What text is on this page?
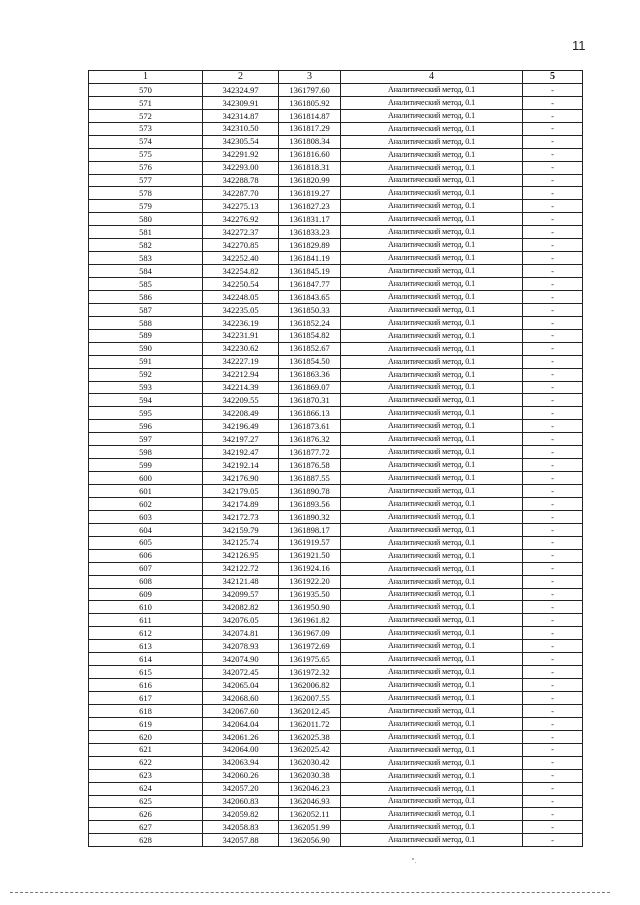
11
1	2	3	4	5
570	342324.97	1361797.60	Аналитический метод, 0.1	-
571	342309.91	1361805.92	Аналитический метод, 0.1	-
572	342314.87	1361814.87	Аналитический метод, 0.1	-
573	342310.50	1361817.29	Аналитический метод, 0.1	-
574	342305.54	1361808.34	Аналитический метод, 0.1	-
575	342291.92	1361816.60	Аналитический метод, 0.1	-
576	342293.00	1361818.31	Аналитический метод, 0.1	-
577	342288.78	1361820.99	Аналитический метод, 0.1	-
578	342287.70	1361819.27	Аналитический метод, 0.1	-
579	342275.13	1361827.23	Аналитический метод, 0.1	-
580	342276.92	1361831.17	Аналитический метод, 0.1	-
581	342272.37	1361833.23	Аналитический метод, 0.1	-
582	342270.85	1361829.89	Аналитический метод, 0.1	-
583	342252.40	1361841.19	Аналитический метод, 0.1	-
584	342254.82	1361845.19	Аналитический метод, 0.1	-
585	342250.54	1361847.77	Аналитический метод, 0.1	-
586	342248.05	1361843.65	Аналитический метод, 0.1	-
587	342235.05	1361850.33	Аналитический метод, 0.1	-
588	342236.19	1361852.24	Аналитический метод, 0.1	-
589	342231.91	1361854.82	Аналитический метод, 0.1	-
590	342230.62	1361852.67	Аналитический метод, 0.1	-
591	342227.19	1361854.50	Аналитический метод, 0.1	-
592	342212.94	1361863.36	Аналитический метод, 0.1	-
593	342214.39	1361869.07	Аналитический метод, 0.1	-
594	342209.55	1361870.31	Аналитический метод, 0.1	-
595	342208.49	1361866.13	Аналитический метод, 0.1	-
596	342196.49	1361873.61	Аналитический метод, 0.1	-
597	342197.27	1361876.32	Аналитический метод, 0.1	-
598	342192.47	1361877.72	Аналитический метод, 0.1	-
599	342192.14	1361876.58	Аналитический метод, 0.1	-
600	342176.90	1361887.55	Аналитический метод, 0.1	-
601	342179.05	1361890.78	Аналитический метод, 0.1	-
602	342174.89	1361893.56	Аналитический метод, 0.1	-
603	342172.73	1361890.32	Аналитический метод, 0.1	-
604	342159.79	1361898.17	Аналитический метод, 0.1	-
605	342125.74	1361919.57	Аналитический метод, 0.1	-
606	342126.95	1361921.50	Аналитический метод, 0.1	-
607	342122.72	1361924.16	Аналитический метод, 0.1	-
608	342121.48	1361922.20	Аналитический метод, 0.1	-
609	342099.57	1361935.50	Аналитический метод, 0.1	-
610	342082.82	1361950.90	Аналитический метод, 0.1	-
611	342076.05	1361961.82	Аналитический метод, 0.1	-
612	342074.81	1361967.09	Аналитический метод, 0.1	-
613	342078.93	1361972.69	Аналитический метод, 0.1	-
614	342074.90	1361975.65	Аналитический метод, 0.1	-
615	342072.45	1361972.32	Аналитический метод, 0.1	-
616	342065.04	1362006.82	Аналитический метод, 0.1	-
617	342068.60	1362007.55	Аналитический метод, 0.1	-
618	342067.60	1362012.45	Аналитический метод, 0.1	-
619	342064.04	1362011.72	Аналитический метод, 0.1	-
620	342061.26	1362025.38	Аналитический метод, 0.1	-
621	342064.00	1362025.42	Аналитический метод, 0.1	-
622	342063.94	1362030.42	Аналитический метод, 0.1	-
623	342060.26	1362030.38	Аналитический метод, 0.1	-
624	342057.20	1362046.23	Аналитический метод, 0.1	-
625	342060.83	1362046.93	Аналитический метод, 0.1	-
626	342059.82	1362052.11	Аналитический метод, 0.1	-
627	342058.83	1362051.99	Аналитический метод, 0.1	-
628	342057.88	1362056.90	Аналитический метод, 0.1	-
